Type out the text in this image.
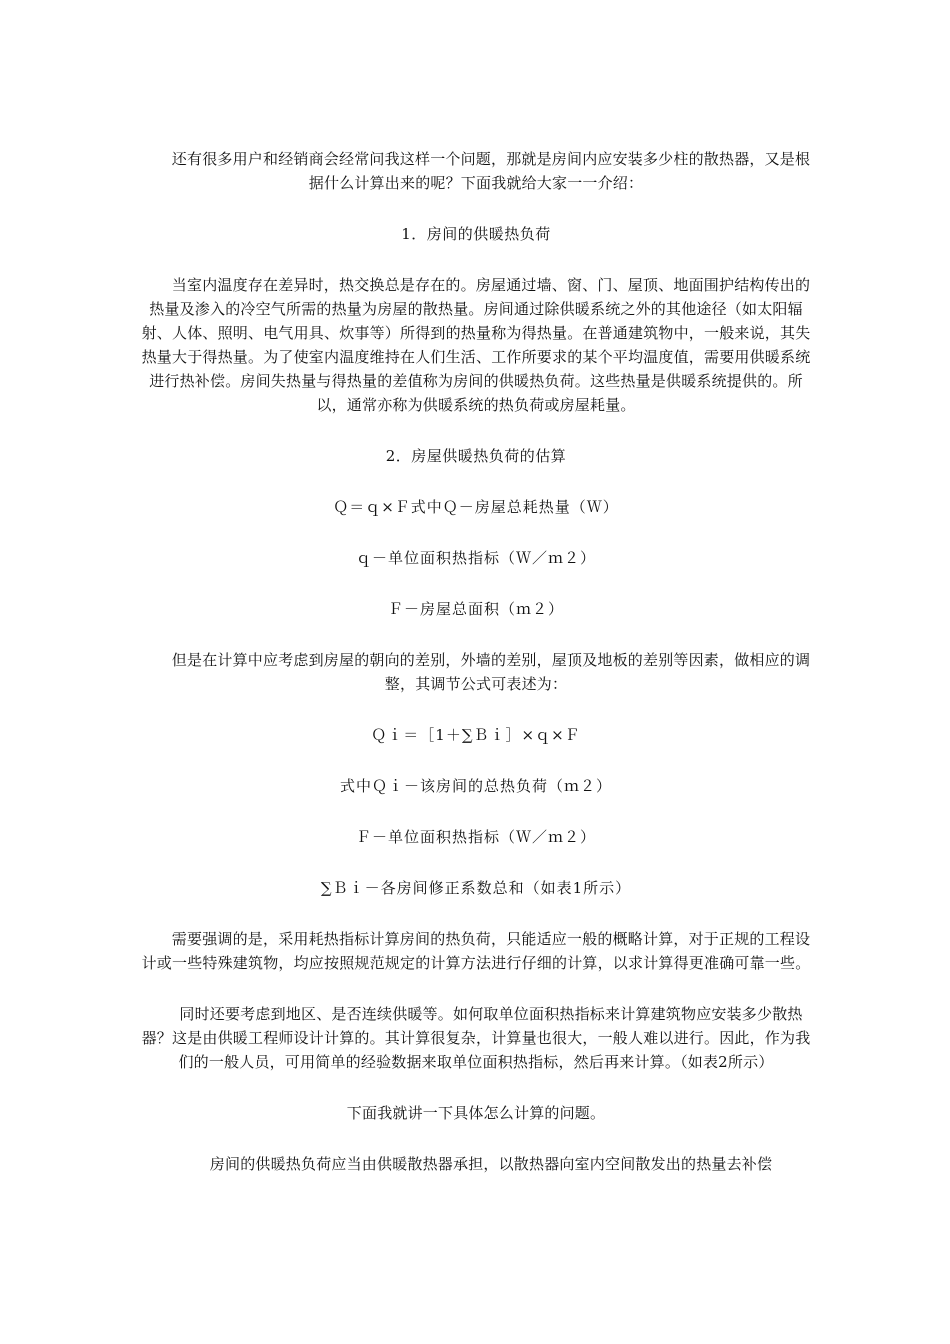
还有很多用户和经销商会经常问我这样一个问题，那就是房间内应安装多少柱的散热器，又是根据什么计算出来的呢？下面我就给大家一一介绍：

1．房间的供暖热负荷

当室内温度存在差异时，热交换总是存在的。房屋通过墙、窗、门、屋顶、地面围护结构传出的热量及渗入的冷空气所需的热量为房屋的散热量。房间通过除供暖系统之外的其他途径（如太阳辐射、人体、照明、电气用具、炊事等）所得到的热量称为得热量。在普通建筑物中，一般来说，其失热量大于得热量。为了使室内温度维持在人们生活、工作所要求的某个平均温度值，需要用供暖系统进行热补偿。房间失热量与得热量的差值称为房间的供暖热负荷。这些热量是供暖系统提供的。所以，通常亦称为供暖系统的热负荷或房屋耗量。

2．房屋供暖热负荷的估算

Ｑ＝ｑ×Ｆ式中Ｑ－房屋总耗热量（Ｗ）

ｑ－单位面积热指标（Ｗ／ｍ２）

Ｆ－房屋总面积（ｍ２）

但是在计算中应考虑到房屋的朝向的差别，外墙的差别，屋顶及地板的差别等因素，做相应的调整，其调节公式可表述为：

Ｑｉ＝［1＋∑Ｂｉ］×ｑ×Ｆ

式中Ｑｉ－该房间的总热负荷（ｍ２）

Ｆ－单位面积热指标（Ｗ／ｍ２）

∑Ｂｉ－各房间修正系数总和（如表1所示）

需要强调的是，采用耗热指标计算房间的热负荷，只能适应一般的概略计算，对于正规的工程设计或一些特殊建筑物，均应按照规范规定的计算方法进行仔细的计算，以求计算得更准确可靠一些。

同时还要考虑到地区、是否连续供暖等。如何取单位面积热指标来计算建筑物应安装多少散热器？这是由供暖工程师设计计算的。其计算很复杂，计算量也很大，一般人难以进行。因此，作为我们的一般人员，可用简单的经验数据来取单位面积热指标，然后再来计算。（如表2所示）

下面我就讲一下具体怎么计算的问题。

房间的供暖热负荷应当由供暖散热器承担，以散热器向室内空间散发出的热量去补偿
